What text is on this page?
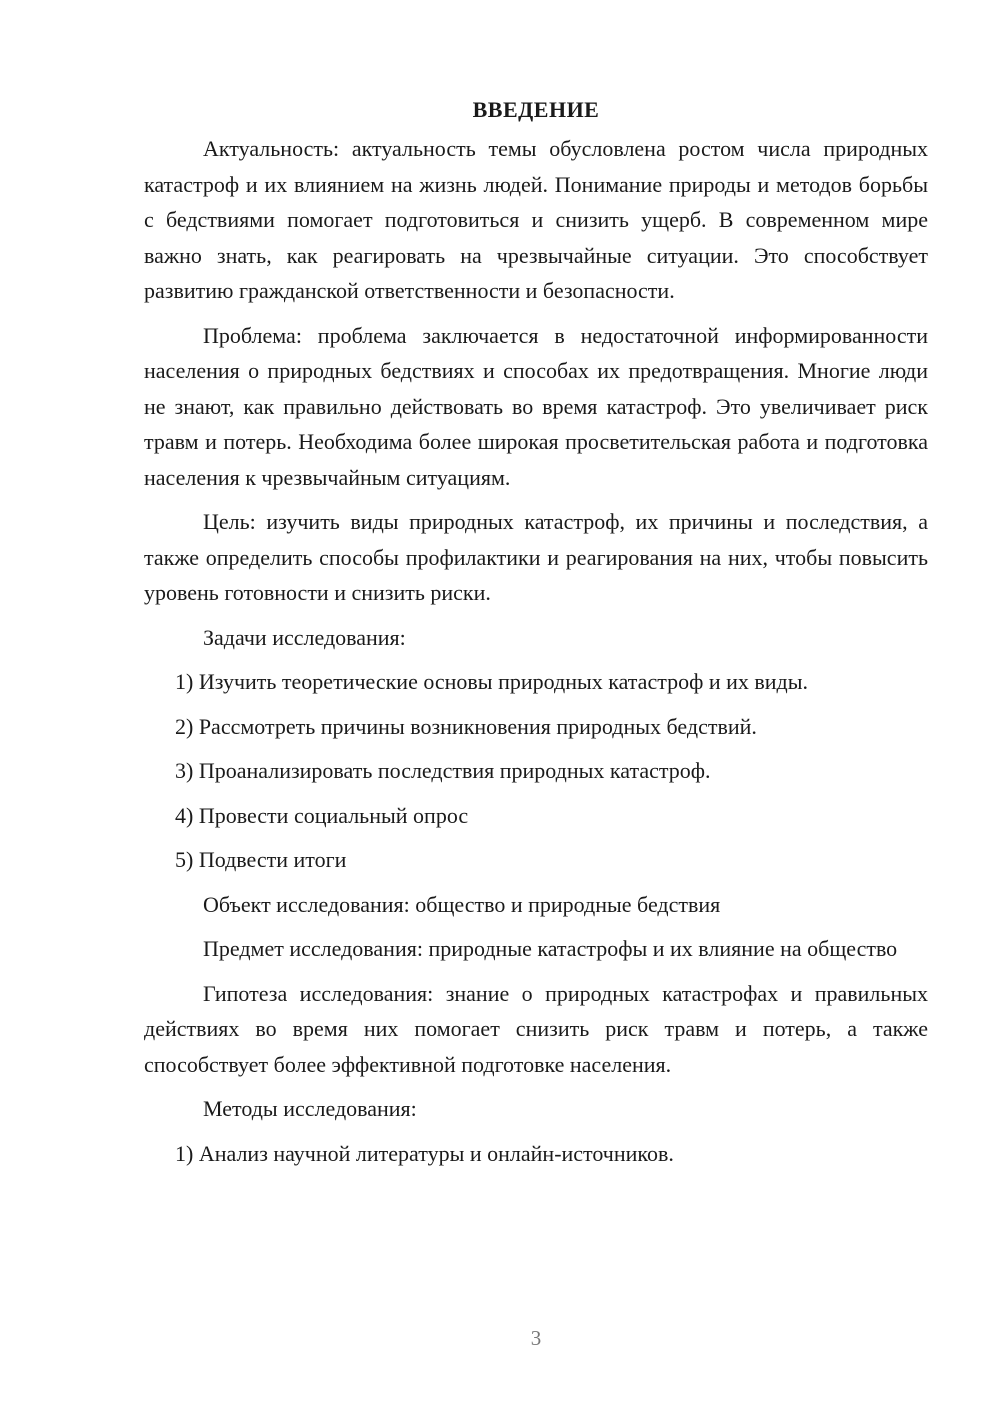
ВВЕДЕНИЕ

Актуальность: актуальность темы обусловлена ростом числа природных катастроф и их влиянием на жизнь людей. Понимание природы и методов борьбы с бедствиями помогает подготовиться и снизить ущерб. В современном мире важно знать, как реагировать на чрезвычайные ситуации. Это способствует развитию гражданской ответственности и безопасности.

Проблема: проблема заключается в недостаточной информированности населения о природных бедствиях и способах их предотвращения. Многие люди не знают, как правильно действовать во время катастроф. Это увеличивает риск травм и потерь. Необходима более широкая просветительская работа и подготовка населения к чрезвычайным ситуациям.

Цель: изучить виды природных катастроф, их причины и последствия, а также определить способы профилактики и реагирования на них, чтобы повысить уровень готовности и снизить риски.

Задачи исследования:

1) Изучить теоретические основы природных катастроф и их виды.
2) Рассмотреть причины возникновения природных бедствий.
3) Проанализировать последствия природных катастроф.
4) Провести социальный опрос
5) Подвести итоги

Объект исследования: общество и природные бедствия

Предмет исследования: природные катастрофы и их влияние на общество

Гипотеза исследования: знание о природных катастрофах и правильных действиях во время них помогает снизить риск травм и потерь, а также способствует более эффективной подготовке населения.

Методы исследования:

1) Анализ научной литературы и онлайн-источников.
3
